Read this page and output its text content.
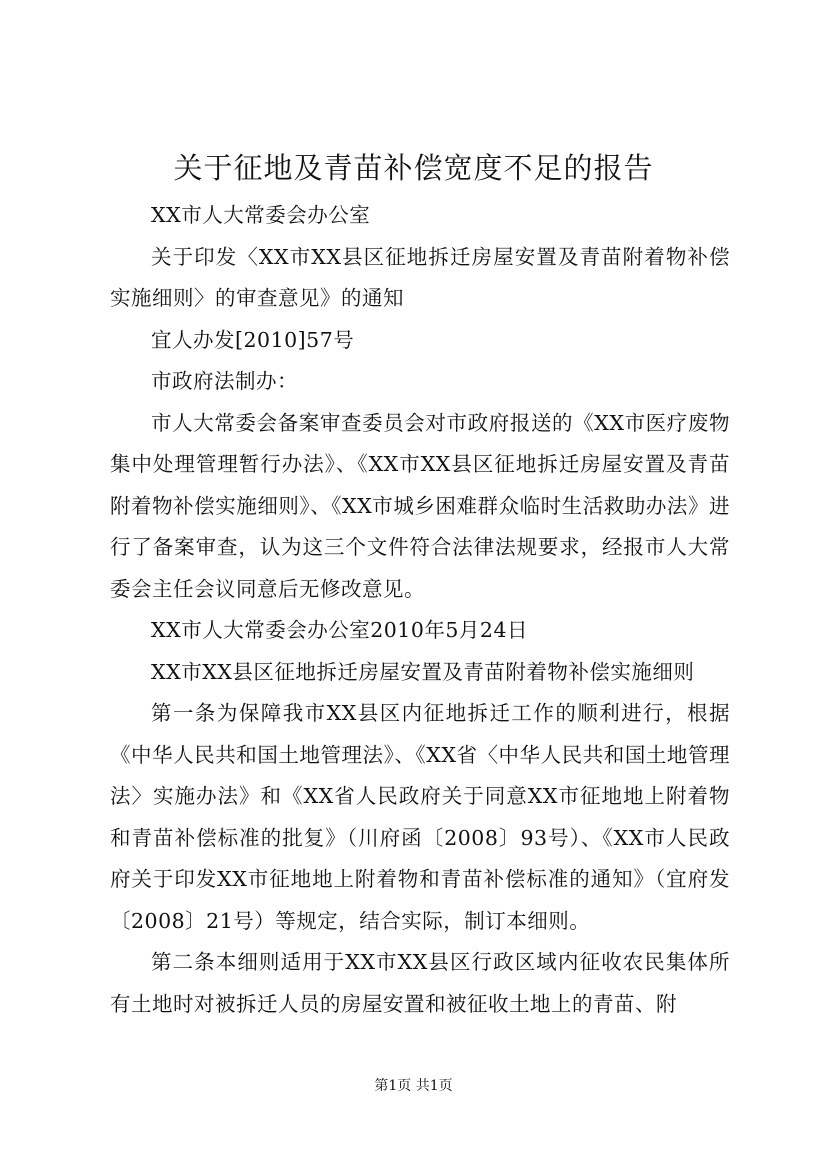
关于征地及青苗补偿宽度不足的报告

XX市人大常委会办公室

关于印发〈XX市XX县区征地拆迁房屋安置及青苗附着物补偿实施细则〉的审查意见》的通知

宜人办发[2010]57号

市政府法制办：

市人大常委会备案审查委员会对市政府报送的《XX市医疗废物集中处理管理暂行办法》、《XX市XX县区征地拆迁房屋安置及青苗附着物补偿实施细则》、《XX市城乡困难群众临时生活救助办法》进行了备案审查，认为这三个文件符合法律法规要求，经报市人大常委会主任会议同意后无修改意见。

XX市人大常委会办公室2010年5月24日

XX市XX县区征地拆迁房屋安置及青苗附着物补偿实施细则

第一条为保障我市XX县区内征地拆迁工作的顺利进行，根据《中华人民共和国土地管理法》、《XX省〈中华人民共和国土地管理法〉实施办法》和《XX省人民政府关于同意XX市征地地上附着物和青苗补偿标准的批复》（川府函〔2008〕93号）、《XX市人民政府关于印发XX市征地地上附着物和青苗补偿标准的通知》（宜府发〔2008〕21号）等规定，结合实际，制订本细则。

第二条本细则适用于XX市XX县区行政区域内征收农民集体所有土地时对被拆迁人员的房屋安置和被征收土地上的青苗、附

第1页 共1页
